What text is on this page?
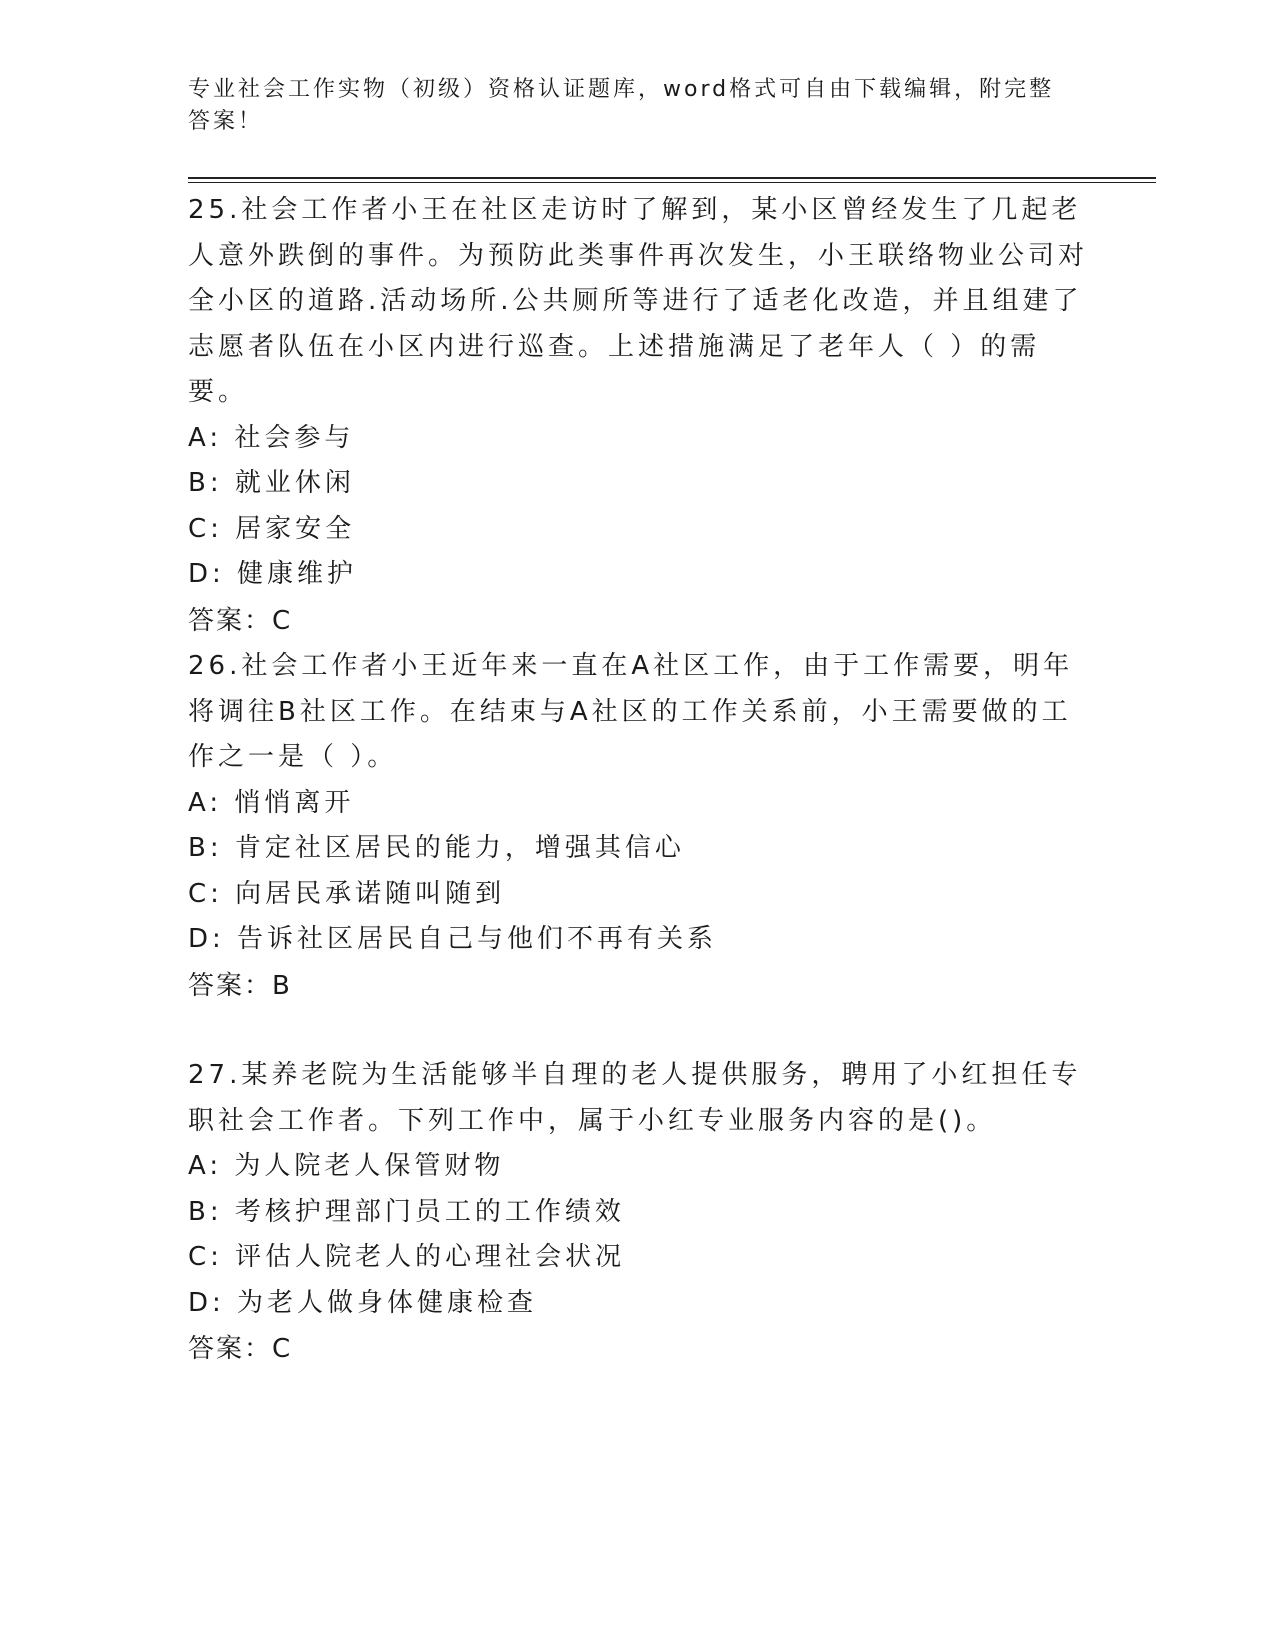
专业社会工作实物（初级）资格认证题库，word格式可自由下载编辑，附完整答案！

25.社会工作者小王在社区走访时了解到，某小区曾经发生了几起老人意外跌倒的事件。为预防此类事件再次发生，小王联络物业公司对全小区的道路.活动场所.公共厕所等进行了适老化改造，并且组建了志愿者队伍在小区内进行巡查。上述措施满足了老年人（ ）的需要。

A: 社会参与

B: 就业休闲

C: 居家安全

D: 健康维护

答案：C

26.社会工作者小王近年来一直在A社区工作，由于工作需要，明年将调往B社区工作。在结束与A社区的工作关系前，小王需要做的工作之一是（ ）。

A: 悄悄离开

B: 肯定社区居民的能力，增强其信心

C: 向居民承诺随叫随到

D: 告诉社区居民自己与他们不再有关系

答案：B

27.某养老院为生活能够半自理的老人提供服务，聘用了小红担任专职社会工作者。下列工作中，属于小红专业服务内容的是()。

A: 为人院老人保管财物

B: 考核护理部门员工的工作绩效

C: 评估人院老人的心理社会状况

D: 为老人做身体健康检查

答案：C
